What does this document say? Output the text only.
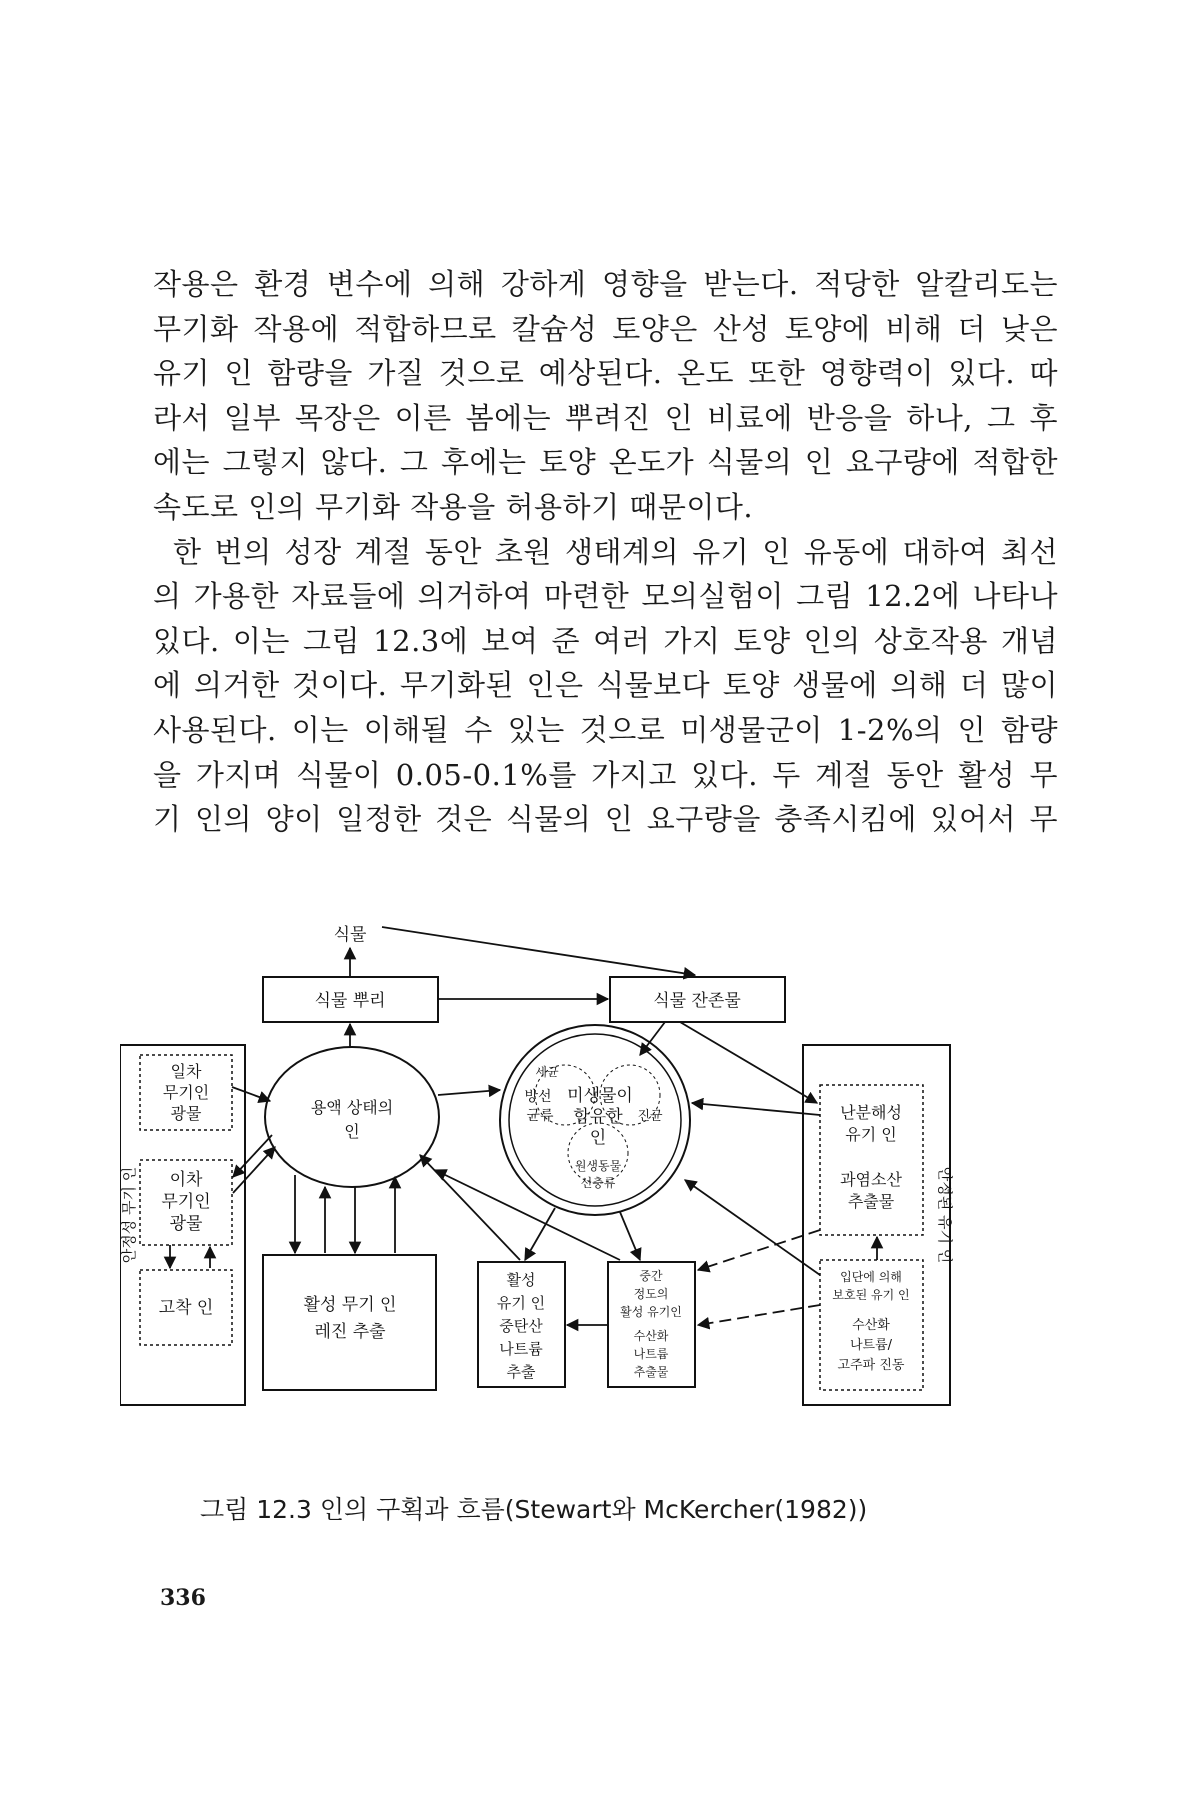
작용은 환경 변수에 의해 강하게 영향을 받는다. 적당한 알칼리도는

무기화 작용에 적합하므로 칼슘성 토양은 산성 토양에 비해 더 낮은

유기 인 함량을 가질 것으로 예상된다. 온도 또한 영향력이 있다. 따

라서 일부 목장은 이른 봄에는 뿌려진 인 비료에 반응을 하나, 그 후

에는 그렇지 않다. 그 후에는 토양 온도가 식물의 인 요구량에 적합한

속도로 인의 무기화 작용을 허용하기 때문이다.

한 번의 성장 계절 동안 초원 생태계의 유기 인 유동에 대하여 최선

의 가용한 자료들에 의거하여 마련한 모의실험이 그림 12.2에 나타나

있다. 이는 그림 12.3에 보여 준 여러 가지 토양 인의 상호작용 개념

에 의거한 것이다. 무기화된 인은 식물보다 토양 생물에 의해 더 많이

사용된다. 이는 이해될 수 있는 것으로 미생물군이 1-2%의 인 함량

을 가지며 식물이 0.05-0.1%를 가지고 있다. 두 계절 동안 활성 무

기 인의 양이 일정한 것은 식물의 인 요구량을 충족시킴에 있어서 무

식물
식물 뿌리	식물 잔존물
안정성 무기 인
일차
무기인
광물
이차
무기인
광물
고착 인
용액 상태의
인
활성 무기 인
레진 추출
세균
방선
균류
미생물이
함유한
인
진균
원생동물
선충류
활성
유기 인
중탄산
나트륨
추출
중간
정도의
활성 유기인
수산화
나트륨
추출물
안정된 유기 인
난분해성
유기 인
과염소산
추출물
입단에 의해
보호된 유기 인
수산화
나트륨/
고주파 진동
그림 12.3 인의 구획과 흐름(Stewart와 McKercher(1982))
336
